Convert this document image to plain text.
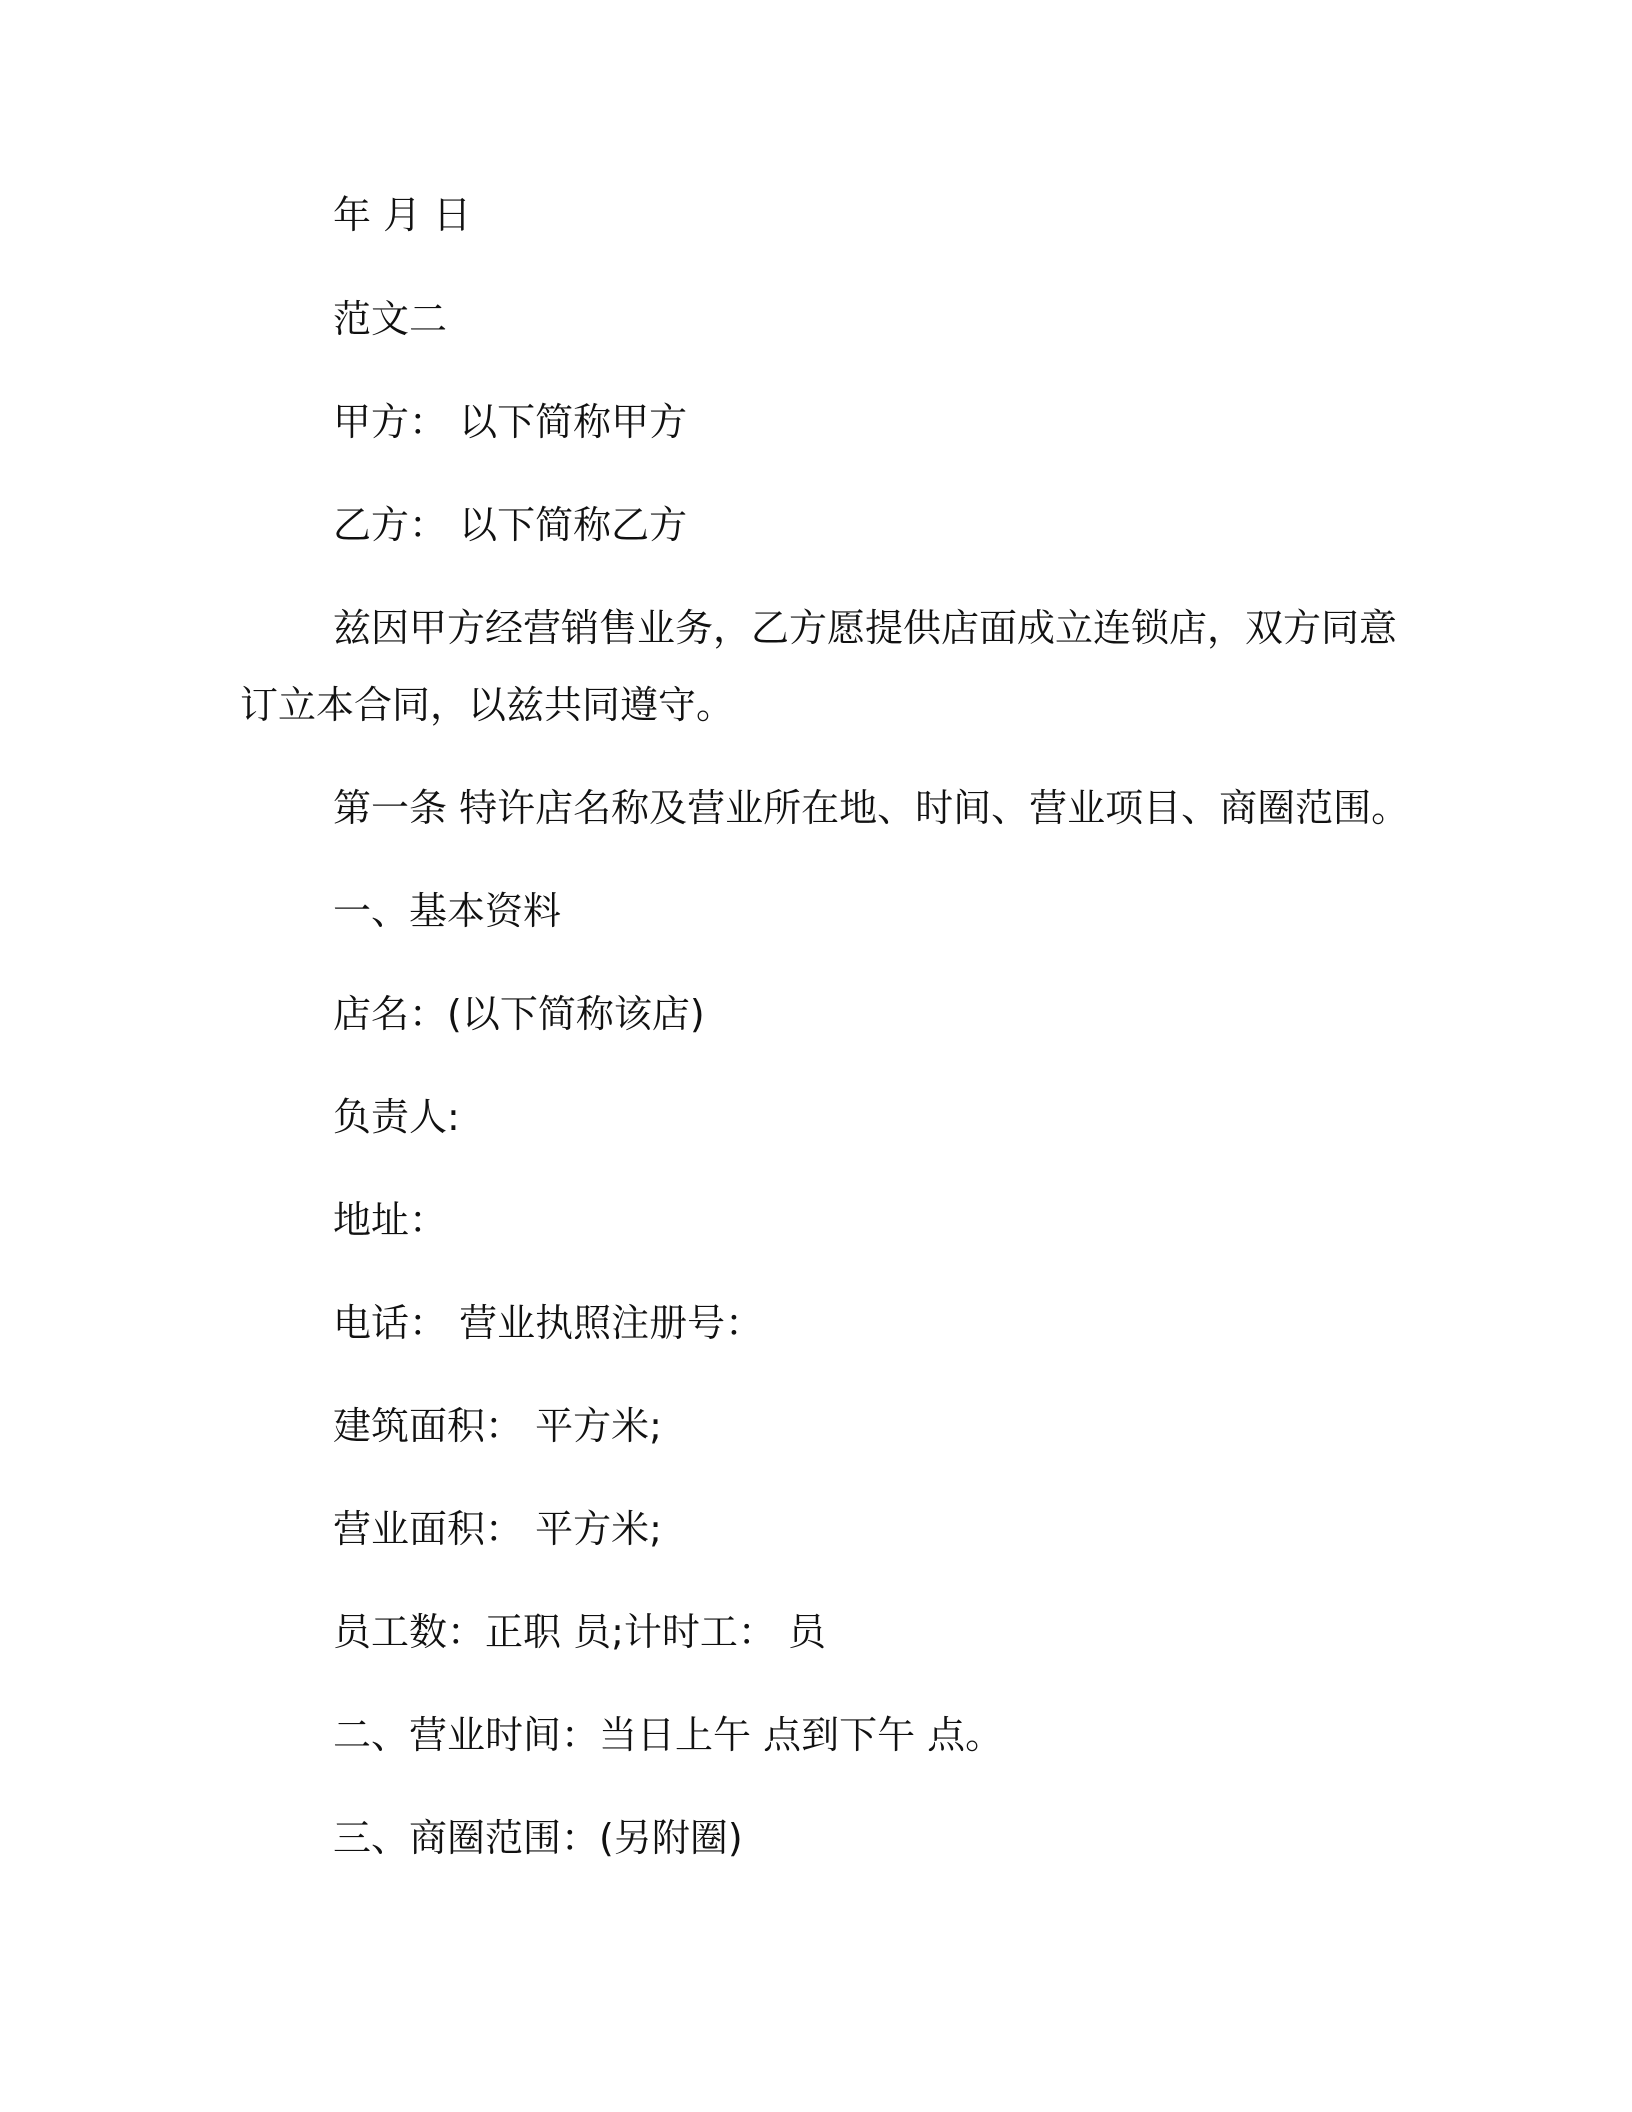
年 月 日
范文二
甲方： 以下简称甲方
乙方： 以下简称乙方
兹因甲方经营销售业务，乙方愿提供店面成立连锁店，双方同意
订立本合同，以兹共同遵守。
第一条 特许店名称及营业所在地、时间、营业项目、商圈范围。
一、基本资料
店名：(以下简称该店)
负责人:
地址：
电话： 营业执照注册号：
建筑面积： 平方米;
营业面积： 平方米;
员工数：正职 员;计时工： 员
二、营业时间：当日上午 点到下午 点。
三、商圈范围：(另附圈)
